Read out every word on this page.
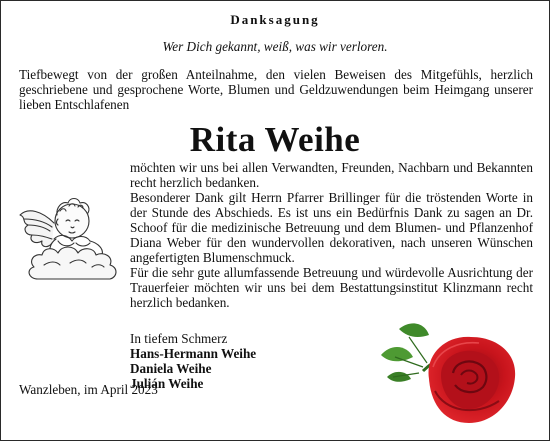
Danksagung
Wer Dich gekannt, weiß, was wir verloren.
Tiefbewegt von der großen Anteilnahme, den vielen Beweisen des Mitgefühls, herzlich geschriebene und gesprochene Worte, Blumen und Geldzuwendungen beim Heimgang unserer lieben Entschlafenen
Rita Weihe

möchten wir uns bei allen Verwandten, Freunden, Nachbarn und Bekannten recht herzlich bedanken.

Besonderer Dank gilt Herrn Pfarrer Brillinger für die tröstenden Worte in der Stunde des Abschieds. Es ist uns ein Bedürfnis Dank zu sagen an Dr. Schoof für die medizinische Betreuung und dem Blumen- und Pflanzenhof Diana Weber für den wundervollen dekorativen, nach unseren Wünschen angefertigten Blumenschmuck.

Für die sehr gute allumfassende Betreuung und würdevolle Ausrichtung der Trauerfeier möchten wir uns bei dem Bestattungsinstitut Klinzmann recht herzlich bedanken.

In tiefem Schmerz
Hans-Hermann Weihe
Daniela Weihe
Julián Weihe
Wanzleben, im April 2023
